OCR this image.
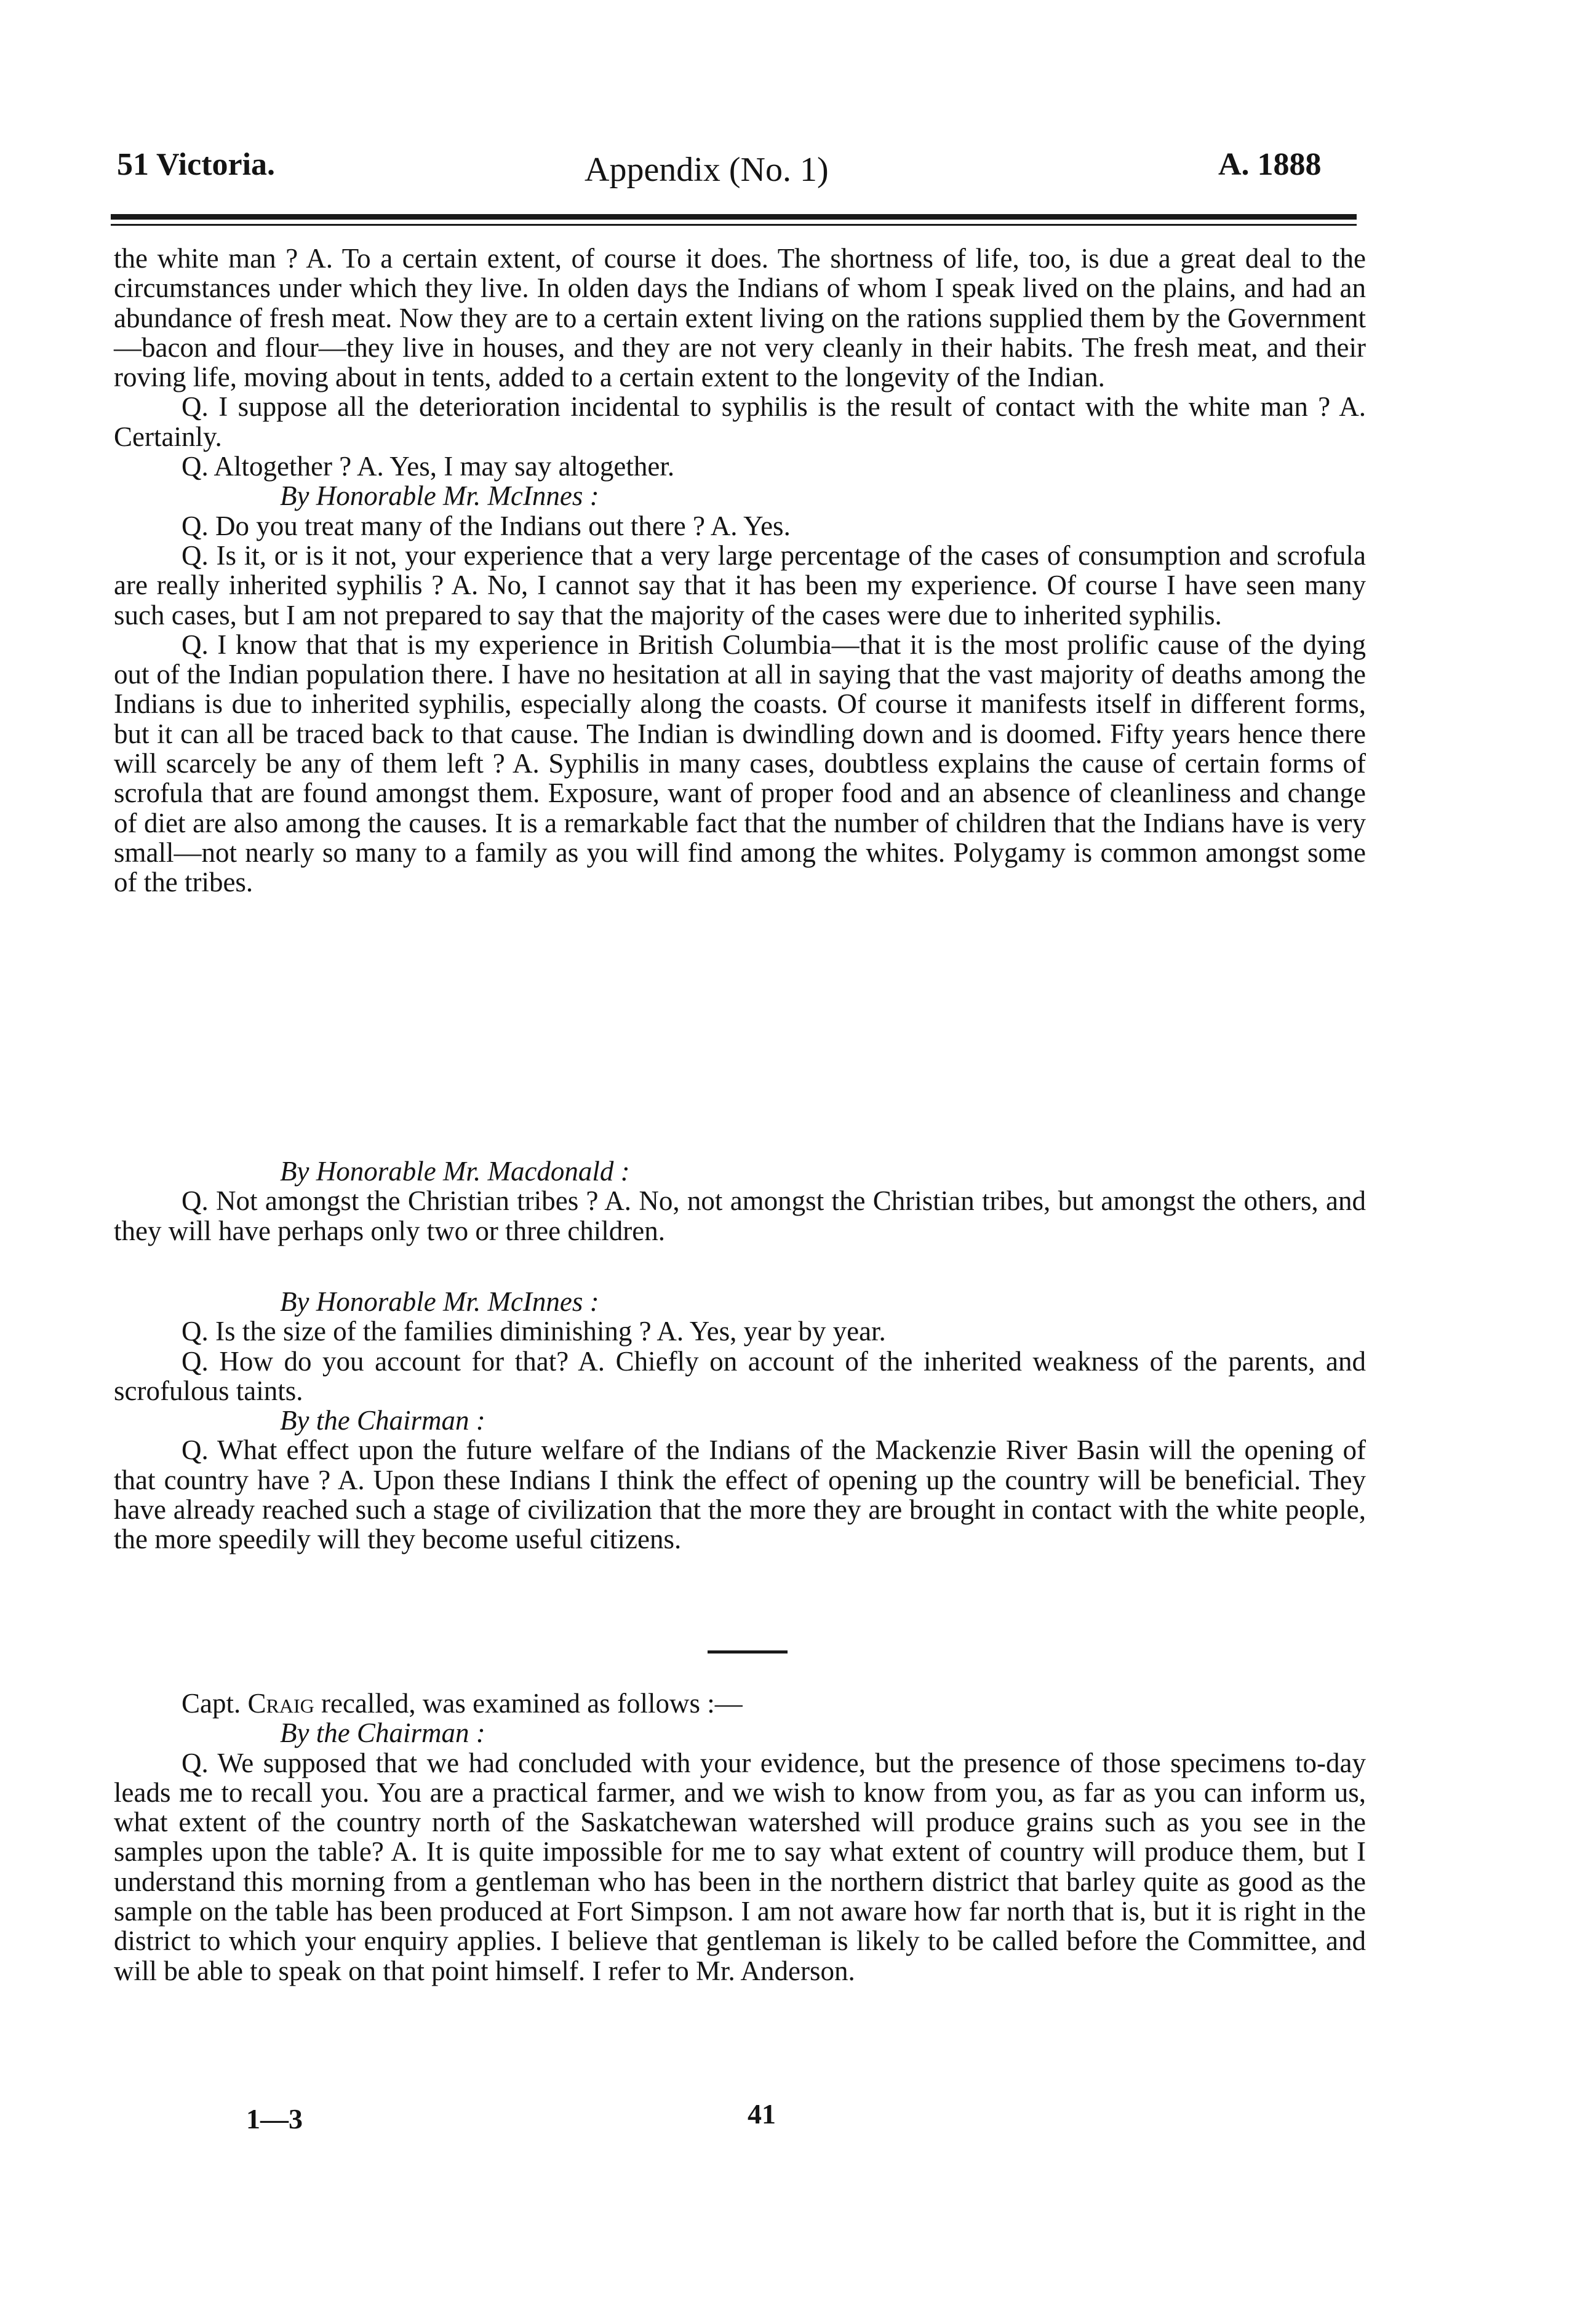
51 Victoria.	Appendix (No. 1)	A. 1888

the white man ? A. To a certain extent, of course it does. The shortness of life, too, is due a great deal to the circumstances under which they live. In olden days the Indians of whom I speak lived on the plains, and had an abundance of fresh meat. Now they are to a certain extent living on the rations supplied them by the Government—bacon and flour—they live in houses, and they are not very cleanly in their habits. The fresh meat, and their roving life, moving about in tents, added to a certain extent to the longevity of the Indian.

Q. I suppose all the deterioration incidental to syphilis is the result of contact with the white man ? A. Certainly.

Q. Altogether ? A. Yes, I may say altogether.

By Honorable Mr. McInnes :

Q. Do you treat many of the Indians out there ? A. Yes.

Q. Is it, or is it not, your experience that a very large percentage of the cases of consumption and scrofula are really inherited syphilis ? A. No, I cannot say that it has been my experience. Of course I have seen many such cases, but I am not prepared to say that the majority of the cases were due to inherited syphilis.

Q. I know that that is my experience in British Columbia—that it is the most prolific cause of the dying out of the Indian population there. I have no hesitation at all in saying that the vast majority of deaths among the Indians is due to inherited syphilis, especially along the coasts. Of course it manifests itself in different forms, but it can all be traced back to that cause. The Indian is dwindling down and is doomed. Fifty years hence there will scarcely be any of them left ? A. Syphilis in many cases, doubtless explains the cause of certain forms of scrofula that are found amongst them. Exposure, want of proper food and an absence of cleanliness and change of diet are also among the causes. It is a remarkable fact that the number of children that the Indians have is very small—not nearly so many to a family as you will find among the whites. Polygamy is common amongst some of the tribes.

By Honorable Mr. Macdonald :

Q. Not amongst the Christian tribes ? A. No, not amongst the Christian tribes, but amongst the others, and they will have perhaps only two or three children.

By Honorable Mr. McInnes :

Q. Is the size of the families diminishing ? A. Yes, year by year.

Q. How do you account for that? A. Chiefly on account of the inherited weakness of the parents, and scrofulous taints.

By the Chairman :

Q. What effect upon the future welfare of the Indians of the Mackenzie River Basin will the opening of that country have ? A. Upon these Indians I think the effect of opening up the country will be beneficial. They have already reached such a stage of civilization that the more they are brought in contact with the white people, the more speedily will they become useful citizens.

Capt. Craig recalled, was examined as follows :—

By the Chairman :

Q. We supposed that we had concluded with your evidence, but the presence of those specimens to-day leads me to recall you. You are a practical farmer, and we wish to know from you, as far as you can inform us, what extent of the country north of the Saskatchewan watershed will produce grains such as you see in the samples upon the table? A. It is quite impossible for me to say what extent of country will produce them, but I understand this morning from a gentleman who has been in the northern district that barley quite as good as the sample on the table has been produced at Fort Simpson. I am not aware how far north that is, but it is right in the district to which your enquiry applies. I believe that gentleman is likely to be called before the Committee, and will be able to speak on that point himself. I refer to Mr. Anderson.

1—3	41
